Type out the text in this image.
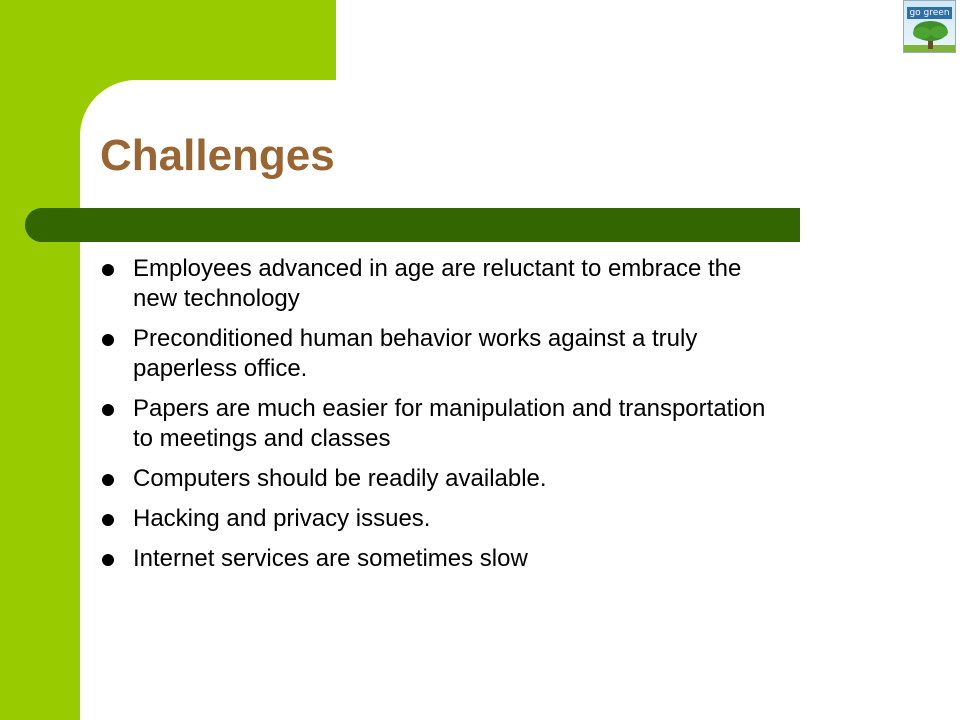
Challenges
Employees advanced in age are reluctant to embrace the new technology
Preconditioned human behavior works against a truly paperless office.
Papers are much easier for manipulation and transportation to meetings and classes
Computers should be readily available.
Hacking and privacy issues.
Internet services are sometimes slow
go green
